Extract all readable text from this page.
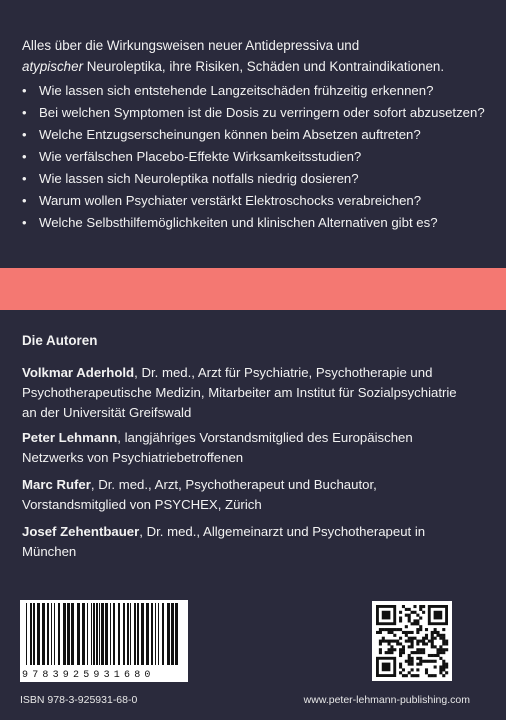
Alles über die Wirkungsweisen neuer Antidepressiva und
atypischer Neuroleptika, ihre Risiken, Schäden und Kontraindikationen.
• Wie lassen sich entstehende Langzeitschäden frühzeitig erkennen?
• Bei welchen Symptomen ist die Dosis zu verringern oder sofort abzusetzen?
• Welche Entzugserscheinungen können beim Absetzen auftreten?
• Wie verfälschen Placebo-Effekte Wirksamkeitsstudien?
• Wie lassen sich Neuroleptika notfalls niedrig dosieren?
• Warum wollen Psychiater verstärkt Elektroschocks verabreichen?
• Welche Selbsthilfemöglichkeiten und klinischen Alternativen gibt es?
Die Autoren
Volkmar Aderhold, Dr. med., Arzt für Psychiatrie, Psychotherapie und
Psychotherapeutische Medizin, Mitarbeiter am Institut für Sozialpsychiatrie
an der Universität Greifswald
Peter Lehmann, langjähriges Vorstandsmitglied des Europäischen
Netzwerks von Psychiatriebetroffenen
Marc Rufer, Dr. med., Arzt, Psychotherapeut und Buchautor,
Vorstandsmitglied von PSYCHEX, Zürich
Josef Zehentbauer, Dr. med., Allgemeinarzt und Psychotherapeut in
München
9783925931680
ISBN 978-3-925931-68-0	www.peter-lehmann-publishing.com
